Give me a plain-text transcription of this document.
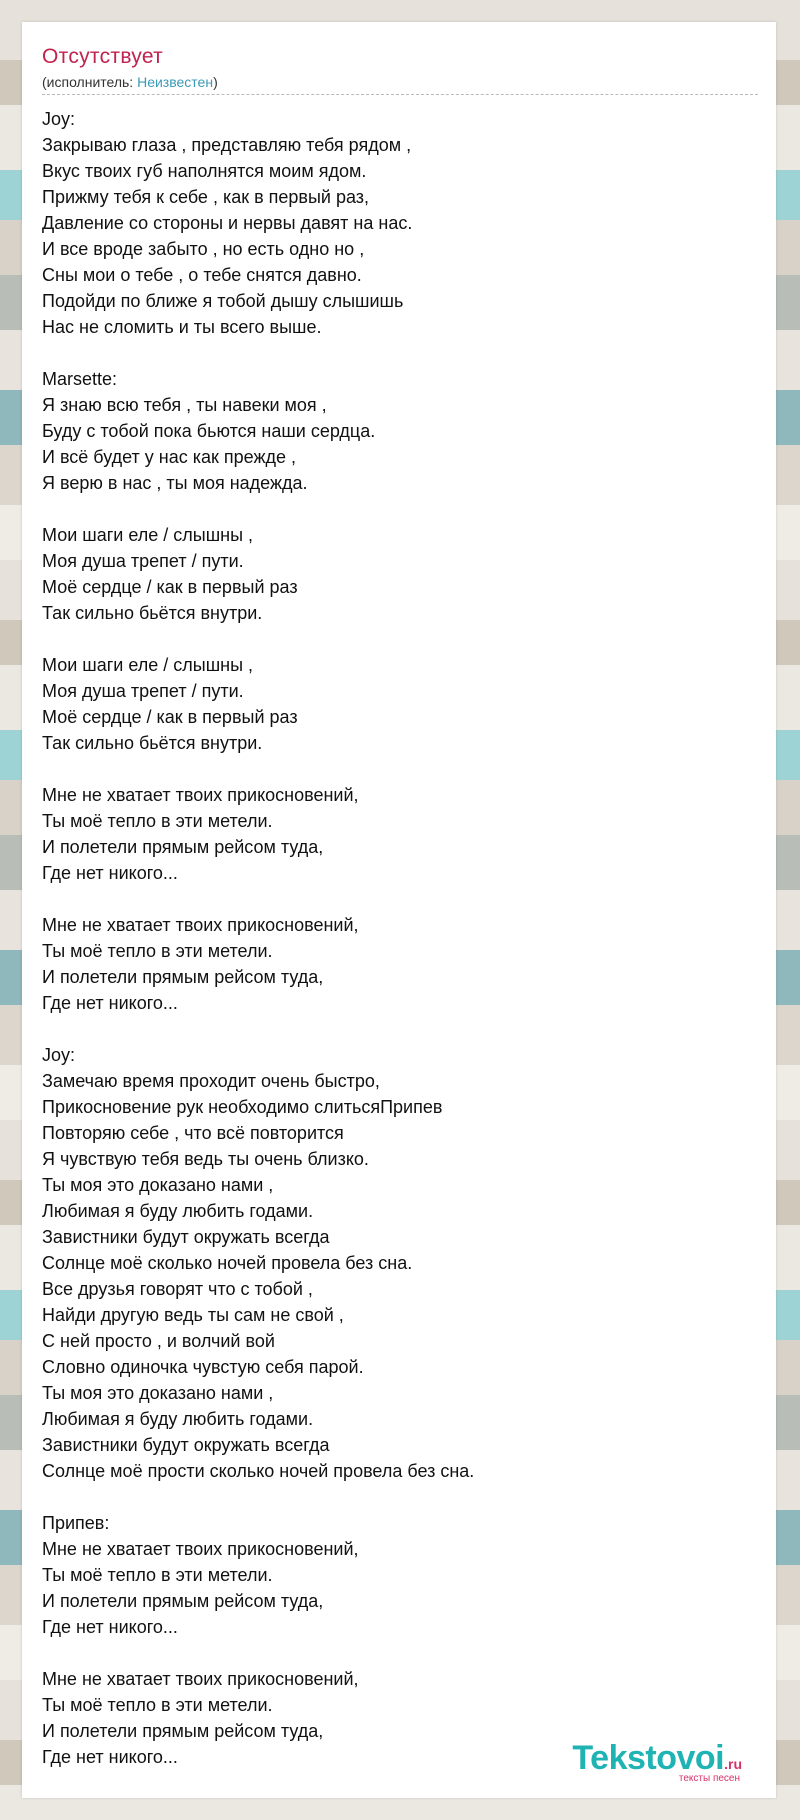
Отсутствует
(исполнитель: Неизвестен)
Joy:
Закрываю глаза , представляю тебя рядом ,
Вкус твоих губ наполнятся моим ядом.
Прижму тебя к себе , как в первый раз,
Давление со стороны и нервы давят на нас.
И все вроде забыто , но есть одно но ,
Сны мои о тебе , о тебе снятся давно.
Подойди по ближе я тобой дышу слышишь
Нас не сломить и ты всего выше.
Marsette:
Я знаю всю тебя , ты навеки моя ,
Буду с тобой пока бьются наши сердца.
И всё будет у нас как прежде ,
Я верю в нас , ты моя надежда.
Мои шаги еле / слышны ,
Моя душа трепет / пути.
Моё сердце / как в первый раз
Так сильно бьётся внутри.
Мои шаги еле / слышны ,
Моя душа трепет / пути.
Моё сердце / как в первый раз
Так сильно бьётся внутри.
Мне не хватает твоих прикосновений,
Ты моё тепло в эти метели.
И полетели прямым рейсом туда,
Где нет никого...
Мне не хватает твоих прикосновений,
Ты моё тепло в эти метели.
И полетели прямым рейсом туда,
Где нет никого...
Joy:
Замечаю время проходит очень быстро,
Прикосновение рук необходимо слитьсяПрипев
Повторяю себе , что всё повторится
Я чувствую тебя ведь ты очень близко.
Ты моя это доказано нами ,
Любимая я буду любить годами.
Завистники будут окружать всегда
Солнце моё сколько ночей провела без сна.
Все друзья говорят что с тобой ,
Найди другую ведь ты сам не свой ,
С ней просто , и волчий вой
Словно одиночка чувстую себя парой.
Ты моя это доказано нами ,
Любимая я буду любить годами.
Завистники будут окружать всегда
Солнце моё прости сколько ночей провела без сна.
Припев:
Мне не хватает твоих прикосновений,
Ты моё тепло в эти метели.
И полетели прямым рейсом туда,
Где нет никого...
Мне не хватает твоих прикосновений,
Ты моё тепло в эти метели.
И полетели прямым рейсом туда,
Где нет никого...	Tekstovoi.ru
тексты песен
